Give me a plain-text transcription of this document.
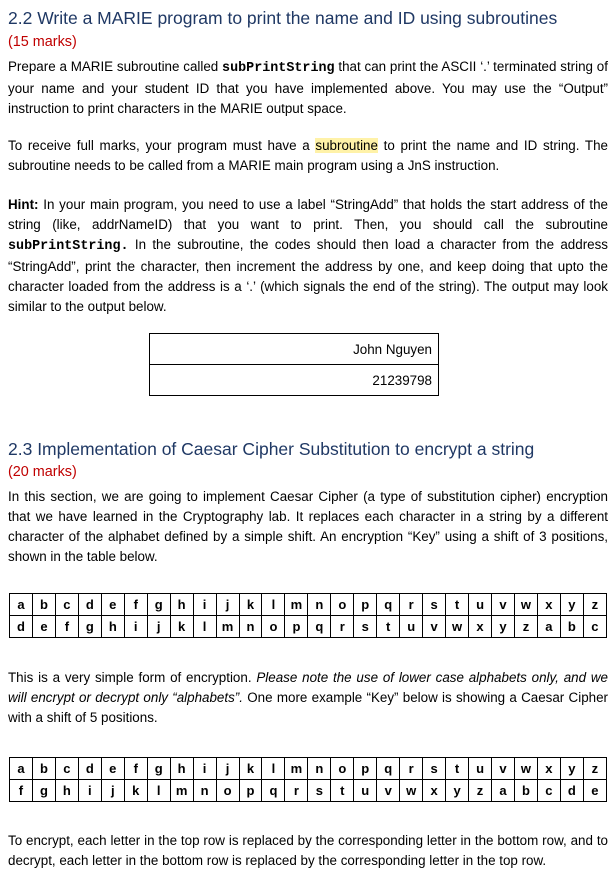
2.2 Write a MARIE program to print the name and ID using subroutines
(15 marks)
Prepare a MARIE subroutine called subPrintString that can print the ASCII ‘.’ terminated string of your name and your student ID that you have implemented above. You may use the “Output” instruction to print characters in the MARIE output space.
To receive full marks, your program must have a subroutine to print the name and ID string. The subroutine needs to be called from a MARIE main program using a JnS instruction.
Hint: In your main program, you need to use a label “StringAdd” that holds the start address of the string (like, addrNameID) that you want to print. Then, you should call the subroutine subPrintString. In the subroutine, the codes should then load a character from the address “StringAdd”, print the character, then increment the address by one, and keep doing that upto the character loaded from the address is a ‘.’ (which signals the end of the string). The output may look similar to the output below.
John Nguyen
21239798
2.3 Implementation of Caesar Cipher Substitution to encrypt a string
(20 marks)
In this section, we are going to implement Caesar Cipher (a type of substitution cipher) encryption that we have learned in the Cryptography lab. It replaces each character in a string by a different character of the alphabet defined by a simple shift. An encryption “Key” using a shift of 3 positions, shown in the table below.
a	b	c	d	e	f	g	h	i	j	k	l	m	n	o	p	q	r	s	t	u	v	w	x	y	z
d	e	f	g	h	i	j	k	l	m	n	o	p	q	r	s	t	u	v	w	x	y	z	a	b	c
This is a very simple form of encryption. Please note the use of lower case alphabets only, and we will encrypt or decrypt only “alphabets”. One more example “Key” below is showing a Caesar Cipher with a shift of 5 positions.
a	b	c	d	e	f	g	h	i	j	k	l	m	n	o	p	q	r	s	t	u	v	w	x	y	z
f	g	h	i	j	k	l	m	n	o	p	q	r	s	t	u	v	w	x	y	z	a	b	c	d	e
To encrypt, each letter in the top row is replaced by the corresponding letter in the bottom row, and to decrypt, each letter in the bottom row is replaced by the corresponding letter in the top row.
